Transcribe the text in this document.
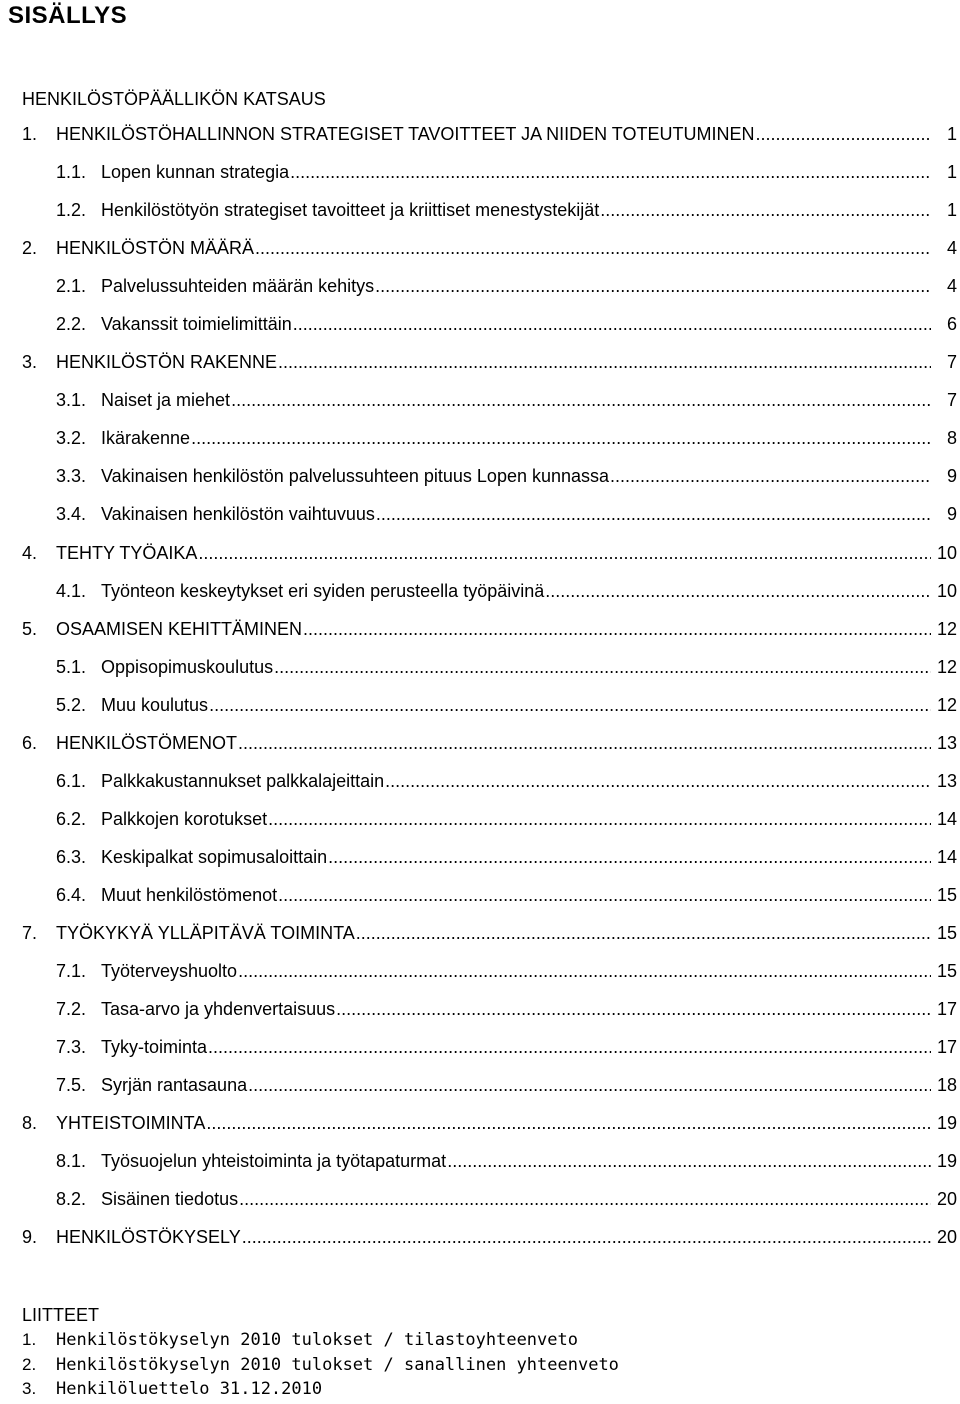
SISÄLLYS
HENKILÖSTÖPÄÄLLIKÖN KATSAUS
1.	HENKILÖSTÖHALLINNON STRATEGISET TAVOITTEET JA NIIDEN TOTEUTUMINEN .....	1
1.1. Lopen kunnan strategia .....	1
1.2. Henkilöstötyön strategiset tavoitteet ja kriittiset menestystekijät .....	1
2.	HENKILÖSTÖN MÄÄRÄ .....	4
2.1. Palvelussuhteiden määrän kehitys .....	4
2.2. Vakanssit toimielimittäin .....	6
3.	HENKILÖSTÖN RAKENNE .....	7
3.1. Naiset ja miehet .....	7
3.2. Ikärakenne .....	8
3.3. Vakinaisen henkilöstön palvelussuhteen pituus Lopen kunnassa .....	9
3.4. Vakinaisen henkilöstön vaihtuvuus .....	9
4.	TEHTY TYÖAIKA .....	10
4.1. Työnteon keskeytykset eri syiden perusteella työpäivinä .....	10
5.	OSAAMISEN KEHITTÄMINEN .....	12
5.1. Oppisopimuskoulutus .....	12
5.2. Muu koulutus .....	12
6.	HENKILÖSTÖMENOT .....	13
6.1. Palkkakustannukset palkkalajeittain .....	13
6.2. Palkkojen korotukset .....	14
6.3. Keskipalkat sopimusaloittain .....	14
6.4. Muut henkilöstömenot .....	15
7.	TYÖKYKYÄ YLLÄPITÄVÄ TOIMINTA .....	15
7.1. Työterveyshuolto .....	15
7.2. Tasa-arvo ja yhdenvertaisuus .....	17
7.3. Tyky-toiminta .....	17
7.5. Syrjän rantasauna .....	18
8.	YHTEISTOIMINTA .....	19
8.1. Työsuojelun yhteistoiminta ja työtapaturmat .....	19
8.2. Sisäinen tiedotus .....	20
9.	HENKILÖSTÖKYSELY .....	20
LIITTEET
1. Henkilöstökyselyn 2010 tulokset / tilastoyhteenveto
2. Henkilöstökyselyn 2010 tulokset / sanallinen yhteenveto
3. Henkilöluettelo 31.12.2010
